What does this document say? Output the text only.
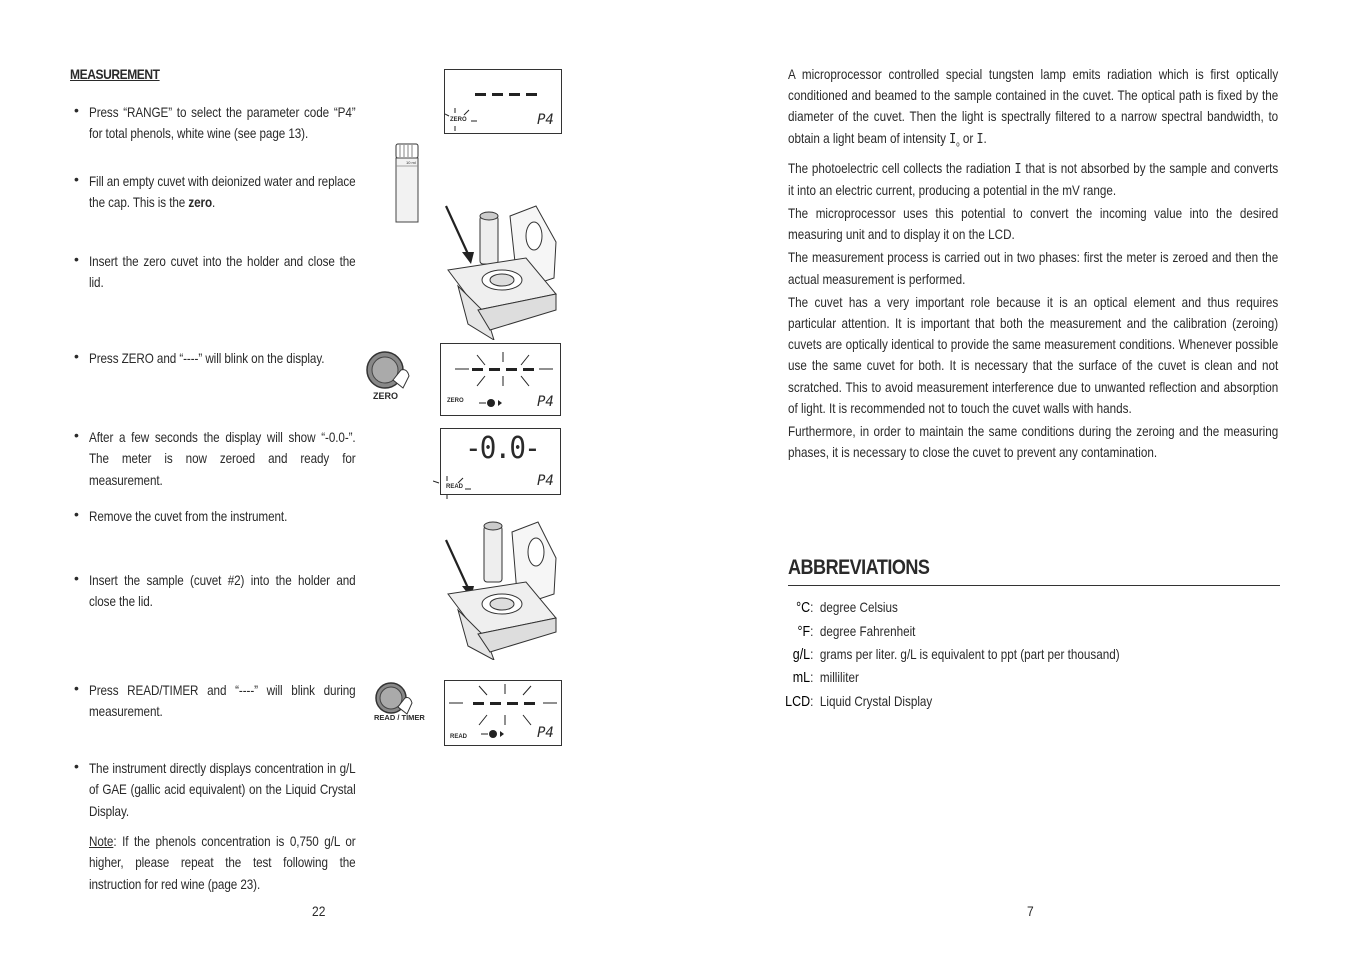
MEASUREMENT
• Press “RANGE” to select the parameter code “P4” for total phenols, white wine (see page 13).
• Fill an empty cuvet with deionized water and replace the cap. This is the zero.
• Insert the zero cuvet into the holder and close the lid.
• Press ZERO and “----” will blink on the display.
• After a few seconds the display will show “-0.0-”. The meter is now zeroed and ready for measurement.
• Remove the cuvet from the instrument.
• Insert the sample (cuvet #2) into the holder and close the lid.
• Press READ/TIMER and “----” will blink during measurement.
• The instrument directly displays concentration in g/L of GAE (gallic acid equivalent) on the Liquid Crystal Display.
Note: If the phenols concentration is 0,750 g/L or higher, please repeat the test following the instruction for red wine (page 23).
ZERO	P4
10 ml
ZERO	ZERO	P4
-0.0-
READ	P4
READ / TIMER
READ	P4
22

A microprocessor controlled special tungsten lamp emits radiation which is first optically conditioned and beamed to the sample contained in the cuvet. The optical path is fixed by the diameter of the cuvet. Then the light is spectrally filtered to a narrow spectral bandwidth, to obtain a light beam of intensity $I_o$ or I.

The photoelectric cell collects the radiation I that is not absorbed by the sample and converts it into an electric current, producing a potential in the mV range.

The microprocessor uses this potential to convert the incoming value into the desired measuring unit and to display it on the LCD.

The measurement process is carried out in two phases: first the meter is zeroed and then the actual measurement is performed.

The cuvet has a very important role because it is an optical element and thus requires particular attention. It is important that both the measurement and the calibration (zeroing) cuvets are optically identical to provide the same measurement conditions. Whenever possible use the same cuvet for both. It is necessary that the surface of the cuvet is clean and not scratched. This to avoid measurement interference due to unwanted reflection and absorption of light. It is recommended not to touch the cuvet walls with hands.

Furthermore, in order to maintain the same conditions during the zeroing and the measuring phases, it is necessary to close the cuvet to prevent any contamination.

ABBREVIATIONS
°C:  degree Celsius
°F:  degree Fahrenheit
g/L:  grams per liter. g/L is equivalent to ppt (part per thousand)
mL:  milliliter
LCD:  Liquid Crystal Display
7
